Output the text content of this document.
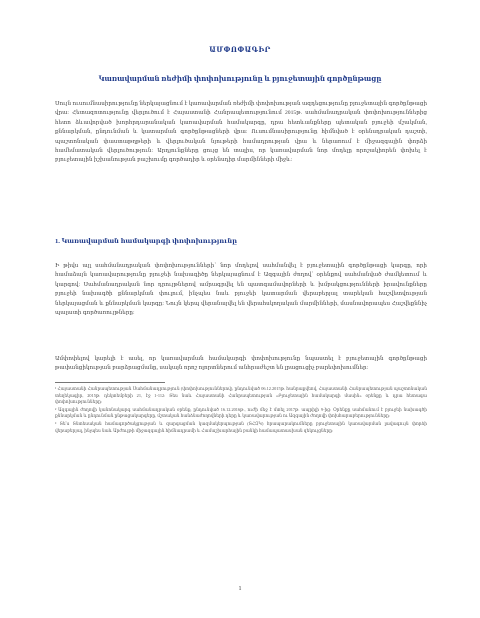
ԱՄՓՈՓԱԳԻՐ
Կառավարման ռեժիմի փոփոխությունը և բյուջետային գործընթացը
Սույն ուսումնասիրությունը ներկայացնում է կառավարման ռեժիմի փոփոխության ազդեցությունը բյուջետային գործընթացի վրա: Հետազոտությունը վերլուծում է Հայաստանի Հանրապետությունում 2015թ. սահմանադրական փոփոխություններից հետո ձևավորված խորհրդարանական կառավարման համակարգը, դրա հետևանքները պետական բյուջեի մշակման, քննարկման, ընդունման և կատարման գործընթացների վրա: Ուսումնասիրությունը հիմնված է օրենսդրական դաշտի, պաշտոնական փաստաթղթերի և վերլուծական նյութերի համադրության վրա և ներառում է միջազգային փորձի համեմատական վերլուծություն: Արդյունքները ցույց են տալիս, որ կառավարման նոր մոդելը որոշակիորեն փոխել է բյուջետային իշխանության բաշխումը գործադիր և օրենսդիր մարմինների միջև:
1. Կառավարման համակարգի փոփոխությունը
Ի թիվս այլ սահմանադրական փոփոխությունների՝ նոր մոդելով սահմանվել է բյուջետային գործընթացի կարգը, որի համաձայն կառավարությունը բյուջեի նախագիծը ներկայացնում է Ազգային ժողով՝ օրենքով սահմանված ժամկետում և կարգով: Սահմանադրական նոր դրույթներով ամրագրվել են պատգամավորների և խմբակցությունների իրավունքները բյուջեի նախագծի քննարկման փուլում, ինչպես նաև բյուջեի կատարման վերաբերյալ տարեկան հաշվետվության ներկայացման և քննարկման կարգը: Նույն կերպ վերանայվել են վերահսկողական մարմինների, մասնավորապես Հաշվեքննիչ պալատի գործառույթները:
Ամփոփելով կարելի է ասել, որ կառավարման համակարգի փոփոխությունը նպաստել է բյուջետային գործընթացի թափանցիկության բարձրացմանը, սակայն որոշ ոլորտներում անհրաժեշտ են լրացուցիչ բարեփոխումներ:
¹ Հայաստանի Հանրապետության Սահմանադրություն (փոփոխություններով), ընդունված 06.12.2015թ. հանրաքվեով, Հայաստանի Հանրապետության պաշտոնական տեղեկագիր, 2015թ. դեկտեմբերի 21, էջ 1-112: Տես նաև Հայաստանի Հանրապետության «Բյուջետային համակարգի մասին» օրենքը և դրա հետագա փոփոխությունները:
² Ազգային ժողովի կանոնակարգ սահմանադրական օրենք, ընդունված 16.12.2016թ., ուժի մեջ է մտել 2017թ. ապրիլի 9-ից: Օրենքը սահմանում է բյուջեի նախագծի քննարկման և ընդունման ընթացակարգերը, մշտական հանձնաժողովների դերը և կառավարության ու Ազգային ժողովի փոխհարաբերությունները:
³ Տե՛ս Տնտեսական համագործակցության և զարգացման կազմակերպության (ՏՀԶԿ) հրապարակումները բյուջետային կառավարման լավագույն փորձի վերաբերյալ, ինչպես նաև Արժույթի միջազգային հիմնադրամի և Համաշխարհային բանկի համապատասխան զեկույցները:
1
